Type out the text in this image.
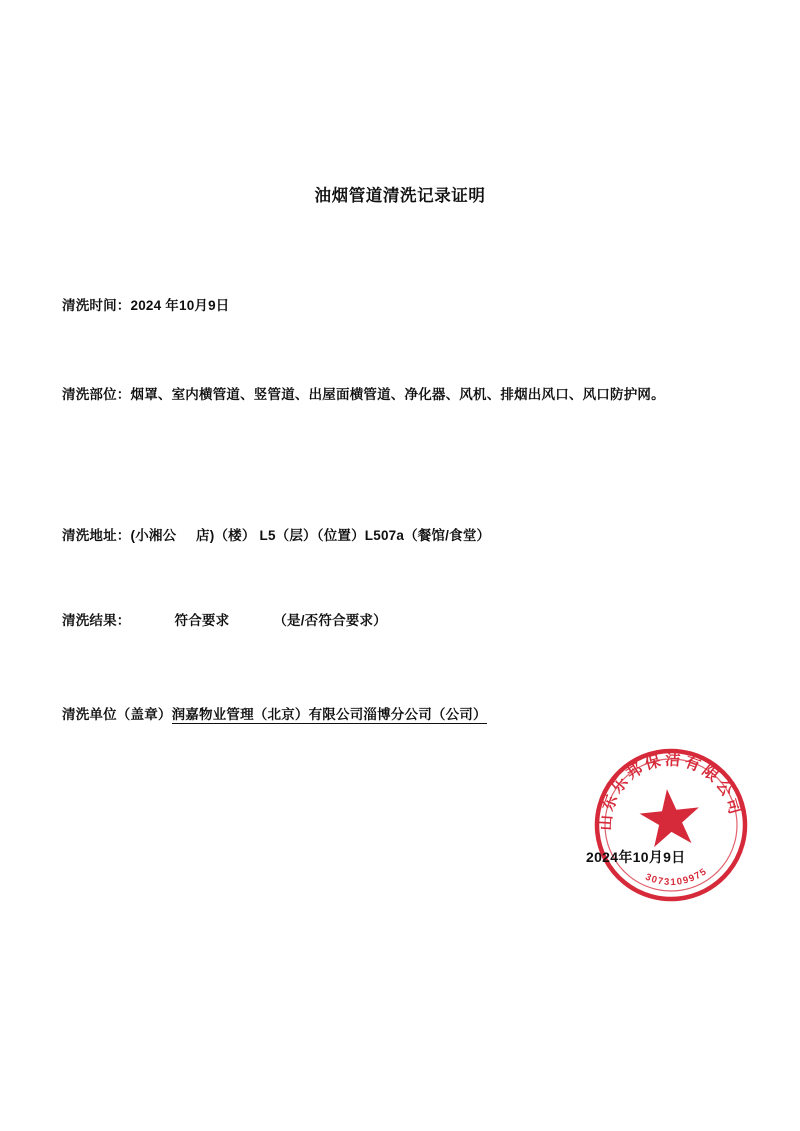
油烟管道清洗记录证明
清洗时间：2024 年10月9日
清洗部位：烟罩、室内横管道、竖管道、出屋面横管道、净化器、风机、排烟出风口、风口防护网。
清洗地址：(小湘公     店)（楼） L5（层）（位置）L507a（餐馆/食堂）
清洗结果：	符合要求	（是/否符合要求）
清洗单位（盖章）润嘉物业管理（北京）有限公司淄博分公司（公司）
2024年10月9日
山东乐邦保洁有限公司
3073109975
